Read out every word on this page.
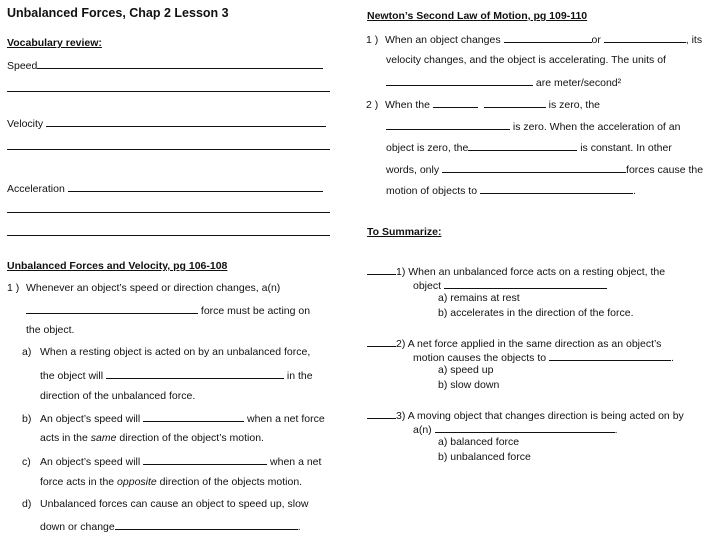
Unbalanced Forces, Chap 2 Lesson 3
Vocabulary review:
Speed
Velocity
Acceleration
Unbalanced Forces and Velocity, pg 106-108
1 ) Whenever an object’s speed or direction changes, a(n)
force must be acting on
the object.
a) When a resting object is acted on by an unbalanced force,
the object will	in the
direction of the unbalanced force.
b) An object’s speed will	when a net force
acts in the same direction of the object’s motion.
c) An object’s speed will	when a net
force acts in the opposite direction of the objects motion.
d) Unbalanced forces can cause an object to speed up, slow
down or change	.
Newton’s Second Law of Motion, pg 109-110
1 ) When an object changes	or	, its
velocity changes, and the object is accelerating. The units of
are meter/second²
2 ) When the	is zero, the
is zero. When the acceleration of an
object is zero, the	is constant. In other
words, only	forces cause the
motion of objects to	.
To Summarize:
1) When an unbalanced force acts on a resting object, the
object
a) remains at rest
b) accelerates in the direction of the force.
2) A net force applied in the same direction as an object’s
motion causes the objects to	.
a) speed up
b) slow down
3) A moving object that changes direction is being acted on by
a(n)	.
a) balanced force
b) unbalanced force
